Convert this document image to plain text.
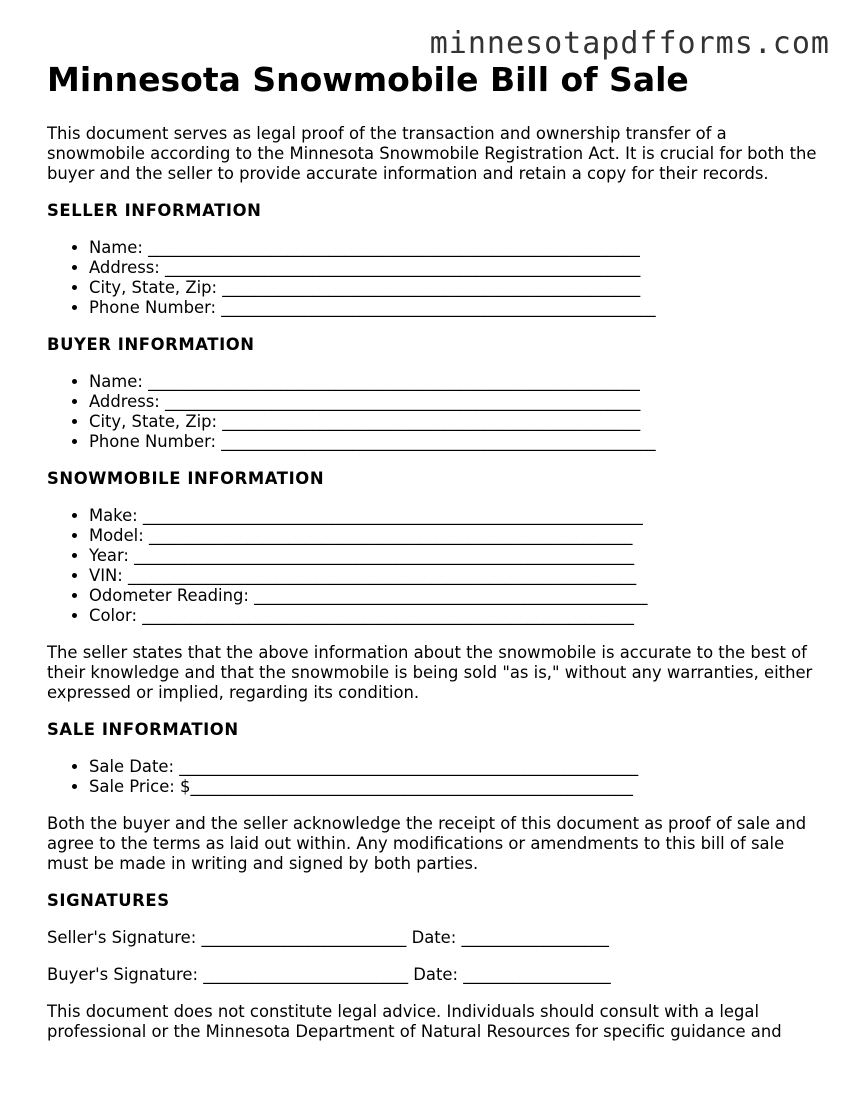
minnesotapdfforms.com
Minnesota Snowmobile Bill of Sale

This document serves as legal proof of the transaction and ownership transfer of a snowmobile according to the Minnesota Snowmobile Registration Act. It is crucial for both the buyer and the seller to provide accurate information and retain a copy for their records.

SELLER INFORMATION
• Name: ____________________________________________________________
• Address: __________________________________________________________
• City, State, Zip: ___________________________________________________
• Phone Number: _____________________________________________________
BUYER INFORMATION
• Name: ____________________________________________________________
• Address: __________________________________________________________
• City, State, Zip: ___________________________________________________
• Phone Number: _____________________________________________________
SNOWMOBILE INFORMATION
• Make: _____________________________________________________________
• Model: ___________________________________________________________
• Year: _____________________________________________________________
• VIN: ______________________________________________________________
• Odometer Reading: ________________________________________________
• Color: ____________________________________________________________

The seller states that the above information about the snowmobile is accurate to the best of their knowledge and that the snowmobile is being sold "as is," without any warranties, either expressed or implied, regarding its condition.

SALE INFORMATION
• Sale Date: ________________________________________________________
• Sale Price: $______________________________________________________

Both the buyer and the seller acknowledge the receipt of this document as proof of sale and agree to the terms as laid out within. Any modifications or amendments to this bill of sale must be made in writing and signed by both parties.

SIGNATURES
Seller's Signature: _________________________ Date: __________________
Buyer's Signature: _________________________ Date: __________________

This document does not constitute legal advice. Individuals should consult with a legal professional or the Minnesota Department of Natural Resources for specific guidance and
